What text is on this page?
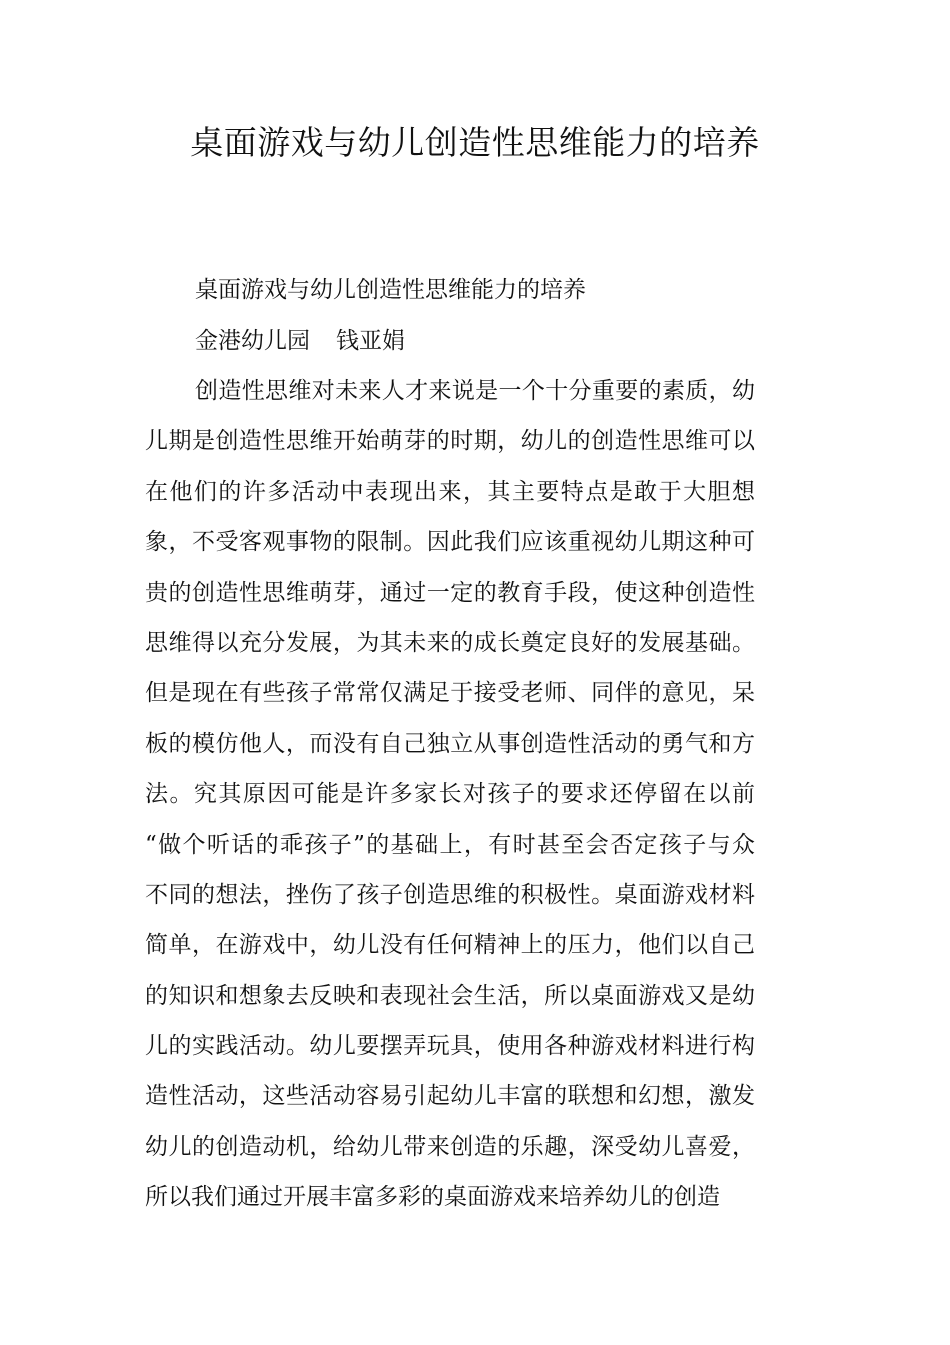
桌面游戏与幼儿创造性思维能力的培养
桌面游戏与幼儿创造性思维能力的培养
金港幼儿园 钱亚娟
创造性思维对未来人才来说是一个十分重要的素质，幼
儿期是创造性思维开始萌芽的时期，幼儿的创造性思维可以
在他们的许多活动中表现出来，其主要特点是敢于大胆想
象，不受客观事物的限制。因此我们应该重视幼儿期这种可
贵的创造性思维萌芽，通过一定的教育手段，使这种创造性
思维得以充分发展，为其未来的成长奠定良好的发展基础。
但是现在有些孩子常常仅满足于接受老师、同伴的意见，呆
板的模仿他人，而没有自己独立从事创造性活动的勇气和方
法。究其原因可能是许多家长对孩子的要求还停留在以前
“做个听话的乖孩子”的基础上，有时甚至会否定孩子与众
不同的想法，挫伤了孩子创造思维的积极性。桌面游戏材料
简单，在游戏中，幼儿没有任何精神上的压力，他们以自己
的知识和想象去反映和表现社会生活，所以桌面游戏又是幼
儿的实践活动。幼儿要摆弄玩具，使用各种游戏材料进行构
造性活动，这些活动容易引起幼儿丰富的联想和幻想，激发
幼儿的创造动机，给幼儿带来创造的乐趣，深受幼儿喜爱，
所以我们通过开展丰富多彩的桌面游戏来培养幼儿的创造
